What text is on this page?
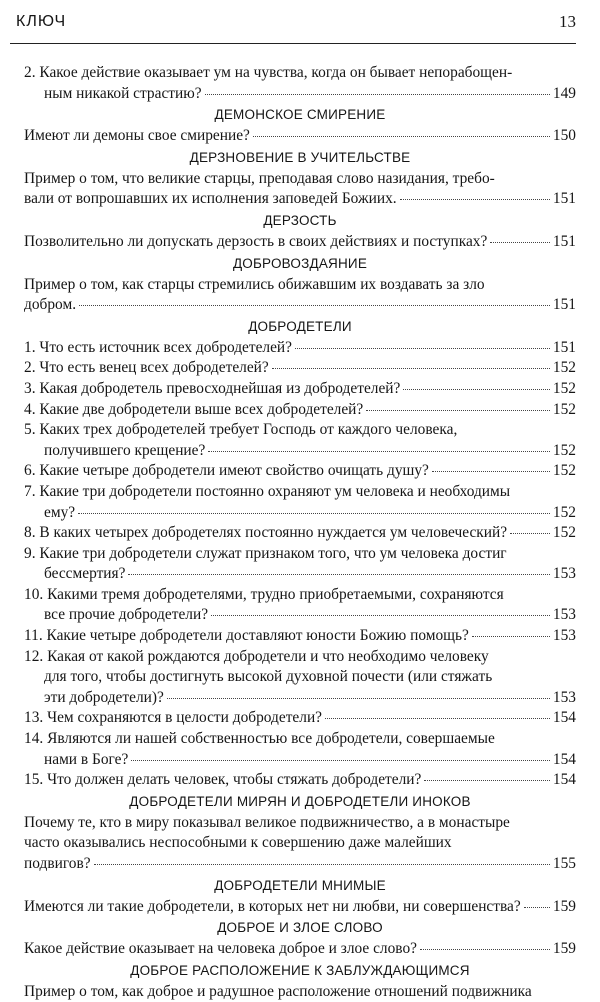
КЛЮЧ	13
2. Какое действие оказывает ум на чувства, когда он бывает непорабощен-
ным никакой страстию?	149
ДЕМОНСКОЕ СМИРЕНИЕ
Имеют ли демоны свое смирение?	150
ДЕРЗНОВЕНИЕ В УЧИТЕЛЬСТВЕ
Пример о том, что великие старцы, преподавая слово назидания, требо-
вали от вопрошавших их исполнения заповедей Божиих.	151
ДЕРЗОСТЬ
Позволительно ли допускать дерзость в своих действиях и поступках?	151
ДОБРОВОЗДАЯНИЕ
Пример о том, как старцы стремились обижавшим их воздавать за зло
добром.	151
ДОБРОДЕТЕЛИ
1. Что есть источник всех добродетелей?	151
2. Что есть венец всех добродетелей?	152
3. Какая добродетель превосходнейшая из добродетелей?	152
4. Какие две добродетели выше всех добродетелей?	152
5. Каких трех добродетелей требует Господь от каждого человека,
получившего крещение?	152
6. Какие четыре добродетели имеют свойство очищать душу?	152
7. Какие три добродетели постоянно охраняют ум человека и необходимы
ему?	152
8. В каких четырех добродетелях постоянно нуждается ум человеческий?	152
9. Какие три добродетели служат признаком того, что ум человека достиг
бессмертия?	153
10. Какими тремя добродетелями, трудно приобретаемыми, сохраняются
все прочие добродетели?	153
11. Какие четыре добродетели доставляют юности Божию помощь?	153
12. Какая от какой рождаются добродетели и что необходимо человеку
для того, чтобы достигнуть высокой духовной почести (или стяжать
эти добродетели)?	153
13. Чем сохраняются в целости добродетели?	154
14. Являются ли нашей собственностью все добродетели, совершаемые
нами в Боге?	154
15. Что должен делать человек, чтобы стяжать добродетели?	154
ДОБРОДЕТЕЛИ МИРЯН И ДОБРОДЕТЕЛИ ИНОКОВ
Почему те, кто в миру показывал великое подвижничество, а в монастыре
часто оказывались неспособными к совершению даже малейших
подвигов?	155
ДОБРОДЕТЕЛИ МНИМЫЕ
Имеются ли такие добродетели, в которых нет ни любви, ни совершенства? 159
ДОБРОЕ И ЗЛОЕ СЛОВО
Какое действие оказывает на человека доброе и злое слово?	159
ДОБРОЕ РАСПОЛОЖЕНИЕ К ЗАБЛУЖДАЮЩИМСЯ
Пример о том, как доброе и радушное расположение отношений подвижника
